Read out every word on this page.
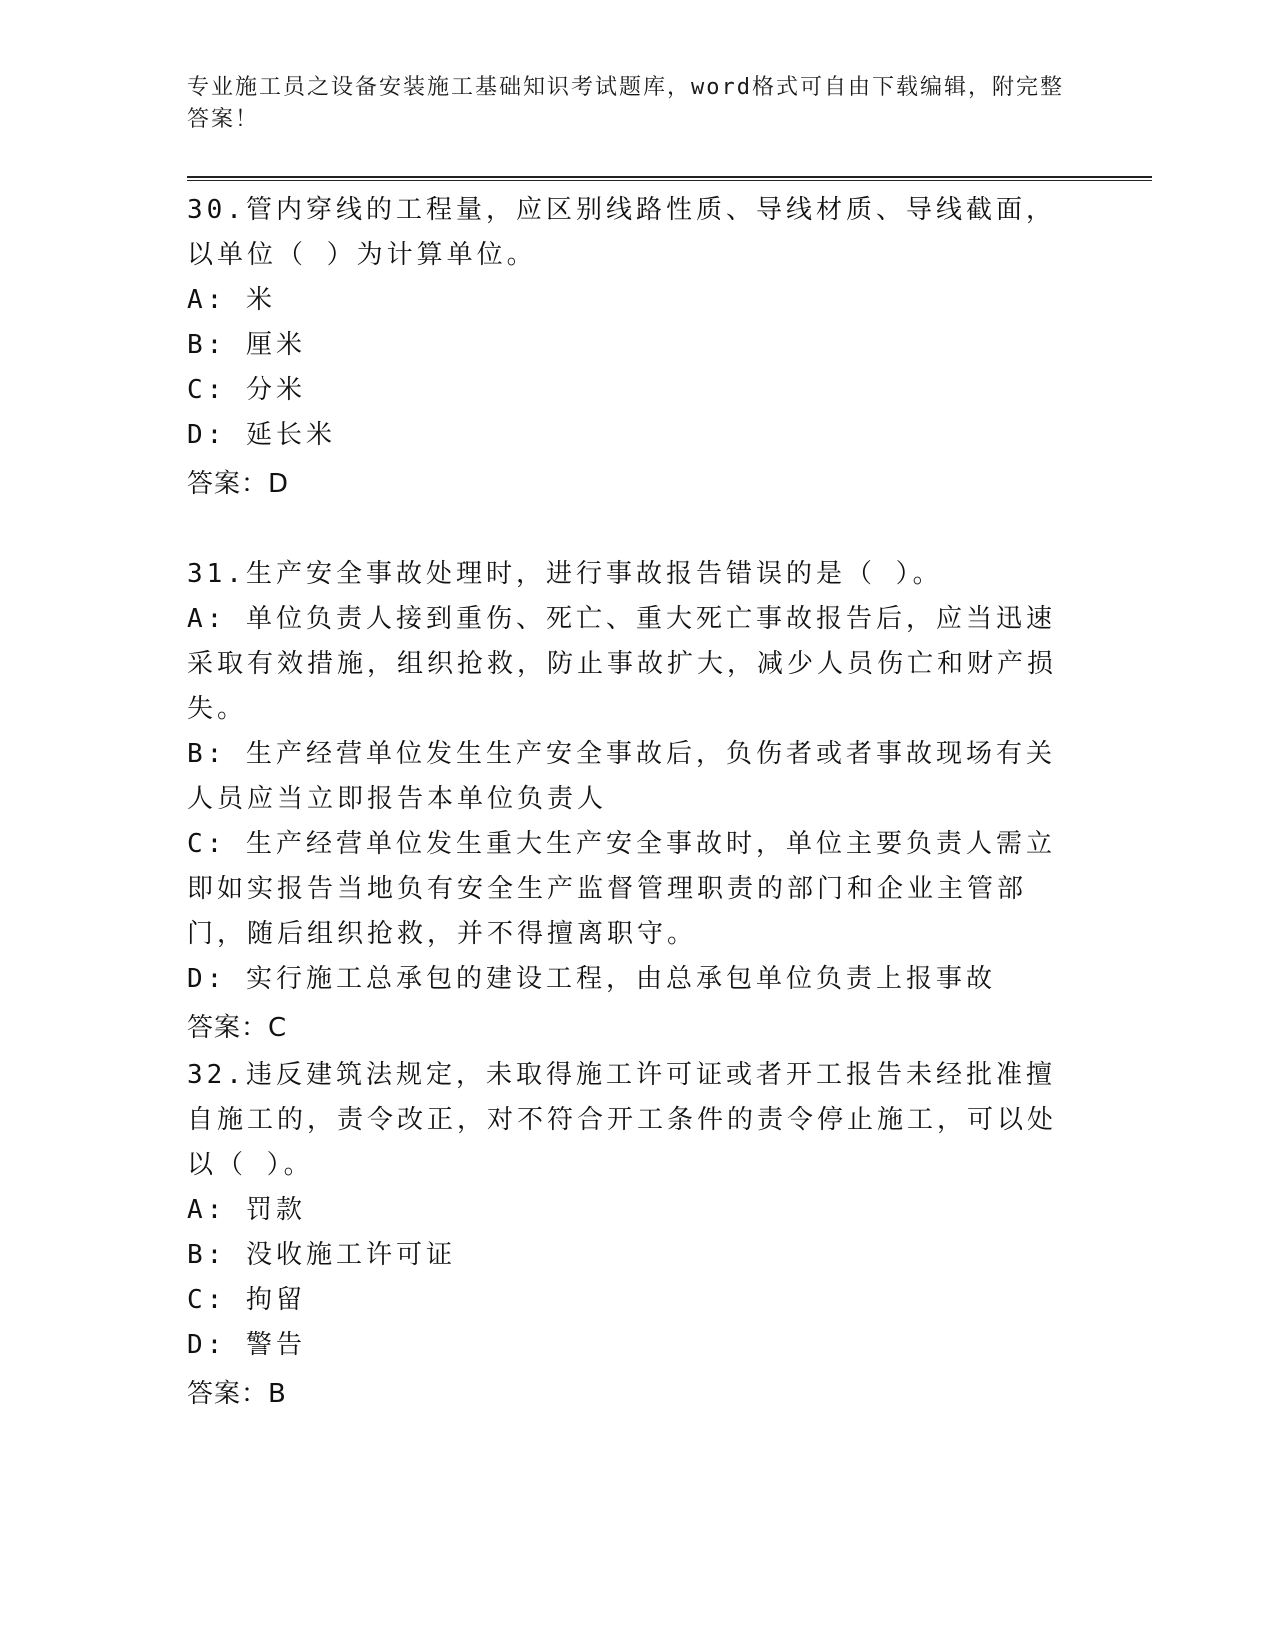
专业施工员之设备安装施工基础知识考试题库，word格式可自由下载编辑，附完整答案！
30.管内穿线的工程量，应区别线路性质、导线材质、导线截面，以单位（ ）为计算单位。
A: 米
B: 厘米
C: 分米
D: 延长米
答案：D
31.生产安全事故处理时，进行事故报告错误的是（ ）。
A: 单位负责人接到重伤、死亡、重大死亡事故报告后，应当迅速采取有效措施，组织抢救，防止事故扩大，减少人员伤亡和财产损失。
B: 生产经营单位发生生产安全事故后，负伤者或者事故现场有关人员应当立即报告本单位负责人
C: 生产经营单位发生重大生产安全事故时，单位主要负责人需立即如实报告当地负有安全生产监督管理职责的部门和企业主管部门，随后组织抢救，并不得擅离职守。
D: 实行施工总承包的建设工程，由总承包单位负责上报事故
答案：C
32.违反建筑法规定，未取得施工许可证或者开工报告未经批准擅自施工的，责令改正，对不符合开工条件的责令停止施工，可以处以（ ）。
A: 罚款
B: 没收施工许可证
C: 拘留
D: 警告
答案：B
